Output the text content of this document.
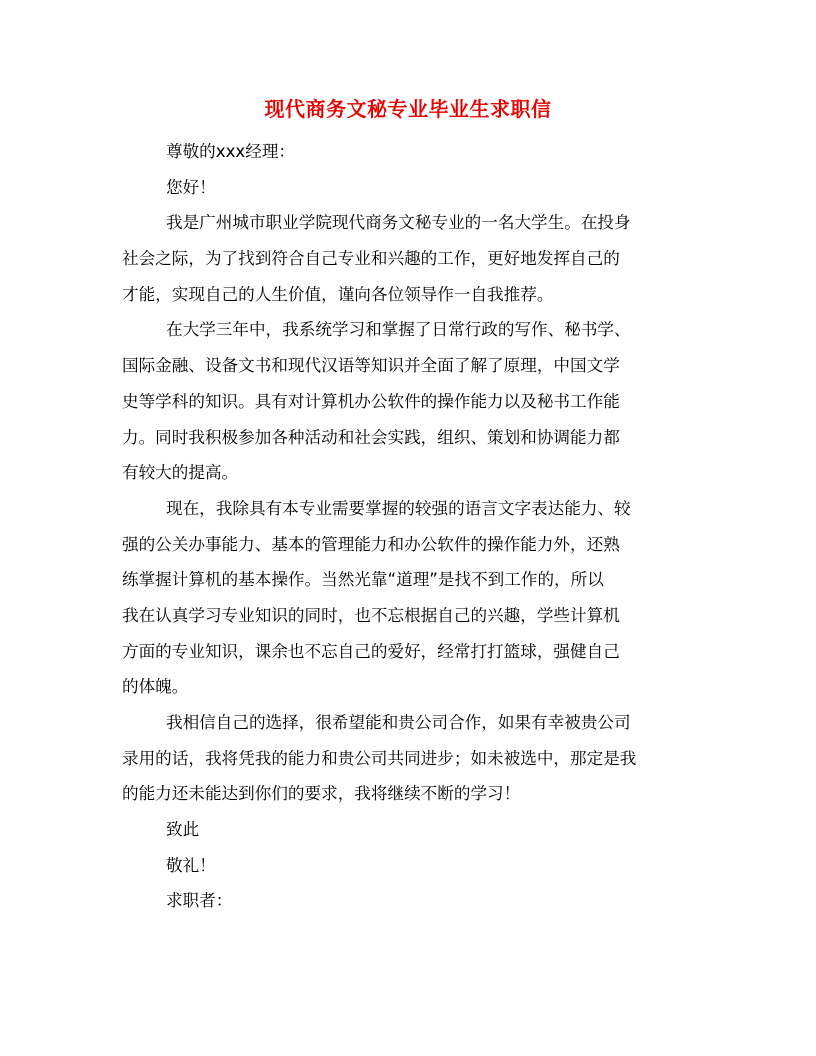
现代商务文秘专业毕业生求职信
尊敬的xxx经理：
您好！
我是广州城市职业学院现代商务文秘专业的一名大学生。在投身
社会之际，为了找到符合自己专业和兴趣的工作，更好地发挥自己的
才能，实现自己的人生价值，谨向各位领导作一自我推荐。
在大学三年中，我系统学习和掌握了日常行政的写作、秘书学、
国际金融、设备文书和现代汉语等知识并全面了解了原理，中国文学
史等学科的知识。具有对计算机办公软件的操作能力以及秘书工作能
力。同时我积极参加各种活动和社会实践，组织、策划和协调能力都
有较大的提高。
现在，我除具有本专业需要掌握的较强的语言文字表达能力、较
强的公关办事能力、基本的管理能力和办公软件的操作能力外，还熟
练掌握计算机的基本操作。当然光靠“道理”是找不到工作的，所以
我在认真学习专业知识的同时，也不忘根据自己的兴趣，学些计算机
方面的专业知识，课余也不忘自己的爱好，经常打打篮球，强健自己
的体魄。
我相信自己的选择，很希望能和贵公司合作，如果有幸被贵公司
录用的话，我将凭我的能力和贵公司共同进步；如未被选中，那定是我
的能力还未能达到你们的要求，我将继续不断的学习！
致此
敬礼！
求职者：
